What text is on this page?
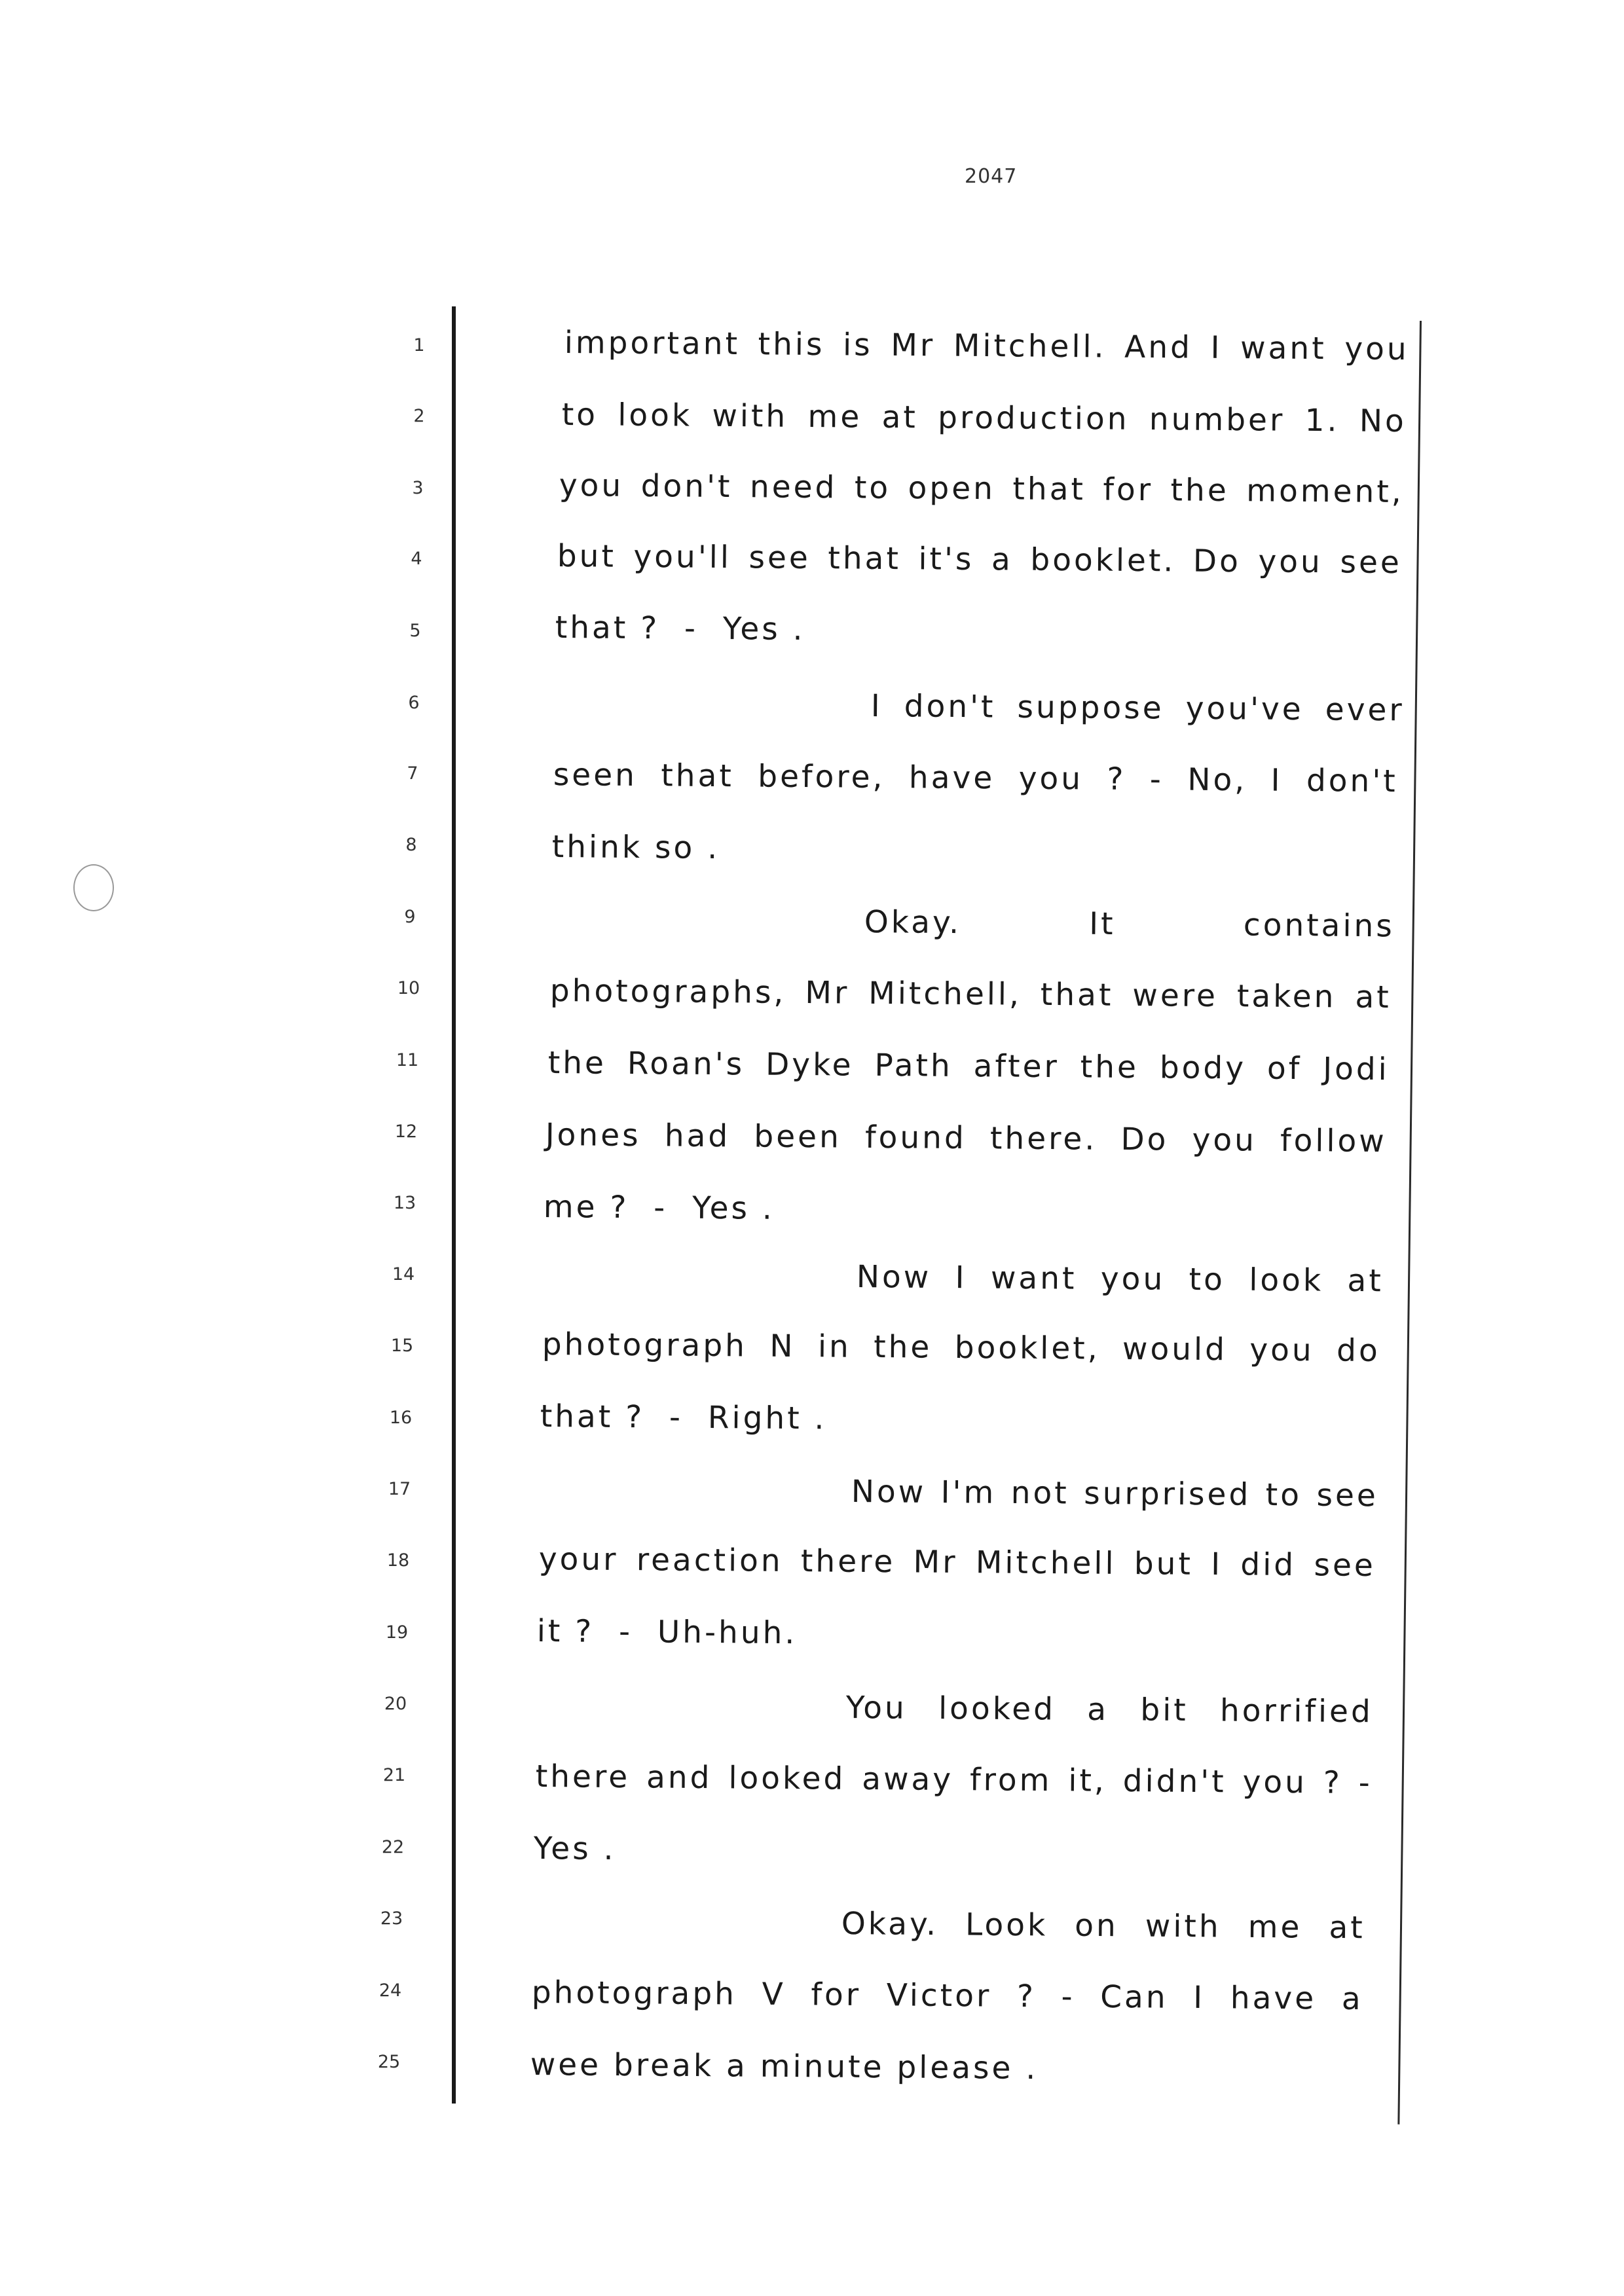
2047
1
2
3
4
5
6
7
8
9
10
11
12
13
14
15
16
17
18
19
20
21
22
23
24
25
important this is Mr Mitchell. And I want you
to look with me at production number 1. No
you don't need to open that for the moment,
but you'll see that it's a booklet. Do you see
that ?  -  Yes .
I don't suppose you've ever
seen that before, have you ? - No, I don't
think so .
Okay.	It	contains
photographs, Mr Mitchell, that were taken at
the Roan's Dyke Path after the body of Jodi
Jones had been found there. Do you follow
me ?  -  Yes .
Now I want you to look at
photograph N in the booklet, would you do
that ?  -  Right .
Now I'm not surprised to see
your reaction there Mr Mitchell but I did see
it ?  -  Uh-huh.
You looked a bit horrified
there and looked away from it, didn't you ? -
Yes .
Okay. Look on with me at
photograph V for Victor ? - Can I have a
wee break a minute please .
